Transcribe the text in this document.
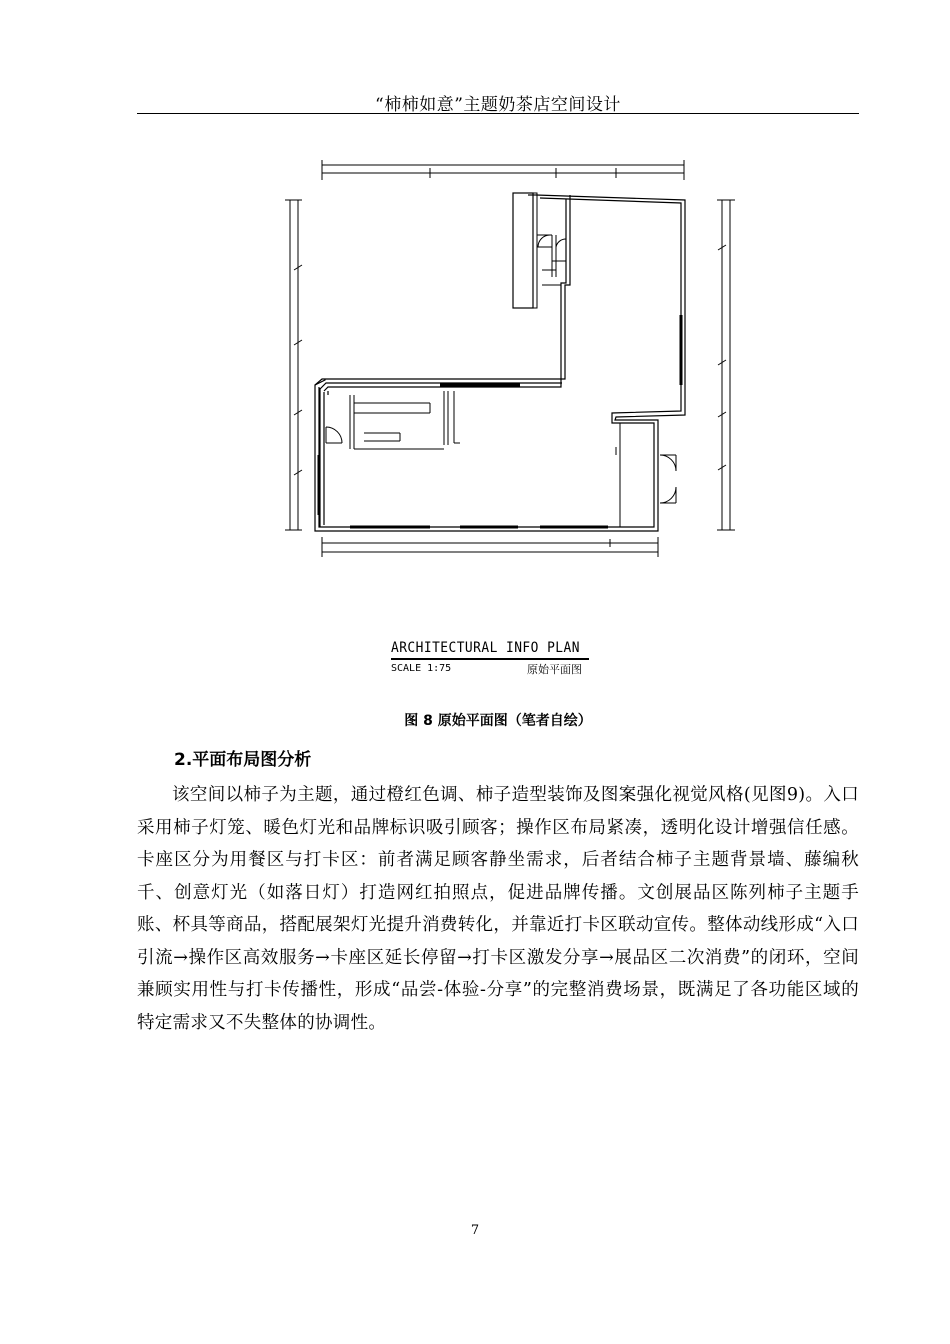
“柿柿如意”主题奶茶店空间设计
ARCHITECTURAL INFO PLAN
SCALE 1:75	原始平面图
图 8 原始平面图（笔者自绘）
2.平面布局图分析

该空间以柿子为主题，通过橙红色调、柿子造型装饰及图案强化视觉风格(见图9)。入口采用柿子灯笼、暖色灯光和品牌标识吸引顾客；操作区布局紧凑，透明化设计增强信任感。卡座区分为用餐区与打卡区：前者满足顾客静坐需求，后者结合柿子主题背景墙、藤编秋千、创意灯光（如落日灯）打造网红拍照点，促进品牌传播。文创展品区陈列柿子主题手账、杯具等商品，搭配展架灯光提升消费转化，并靠近打卡区联动宣传。整体动线形成“入口引流→操作区高效服务→卡座区延长停留→打卡区激发分享→展品区二次消费”的闭环，空间兼顾实用性与打卡传播性，形成“品尝-体验-分享”的完整消费场景，既满足了各功能区域的特定需求又不失整体的协调性。

7
